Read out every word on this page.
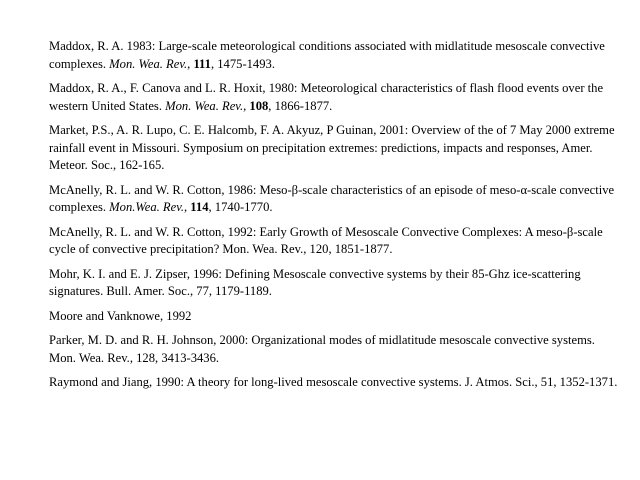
Maddox, R. A. 1983: Large-scale meteorological conditions associated with midlatitude mesoscale convective complexes. Mon. Wea. Rev., 111, 1475-1493.

Maddox, R. A., F. Canova and L. R. Hoxit, 1980: Meteorological characteristics of flash flood events over the western United States. Mon. Wea. Rev., 108, 1866-1877.

Market, P.S., A. R. Lupo, C. E. Halcomb, F. A. Akyuz, P Guinan, 2001: Overview of the of 7 May 2000 extreme rainfall event in Missouri. Symposium on precipitation extremes: predictions, impacts and responses, Amer. Meteor. Soc., 162-165.

McAnelly, R. L. and W. R. Cotton, 1986: Meso-β-scale characteristics of an episode of meso-α-scale convective complexes. Mon.Wea. Rev., 114, 1740-1770.

McAnelly, R. L. and W. R. Cotton, 1992: Early Growth of Mesoscale Convective Complexes: A meso-β-scale cycle of convective precipitation? Mon. Wea. Rev., 120, 1851-1877.

Mohr, K. I. and E. J. Zipser, 1996: Defining Mesoscale convective systems by their 85-Ghz ice-scattering signatures. Bull. Amer. Soc., 77, 1179-1189.

Moore and Vanknowe, 1992

Parker, M. D. and R. H. Johnson, 2000: Organizational modes of midlatitude mesoscale convective systems. Mon. Wea. Rev., 128, 3413-3436.

Raymond and Jiang, 1990: A theory for long-lived mesoscale convective systems. J. Atmos. Sci., 51, 1352-1371.
